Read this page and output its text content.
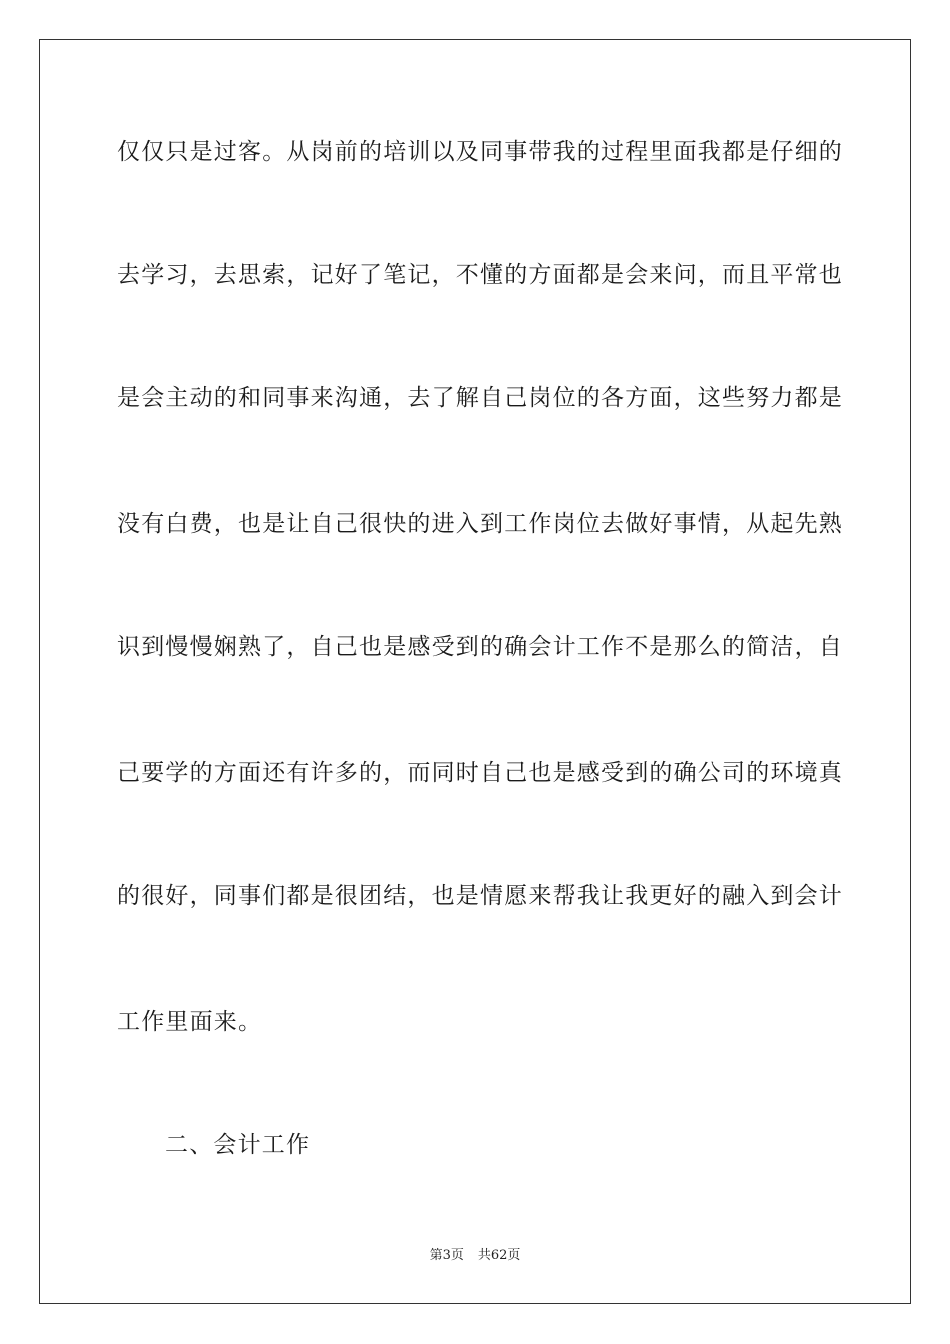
仅仅只是过客。从岗前的培训以及同事带我的过程里面我都是仔细的
去学习，去思索，记好了笔记，不懂的方面都是会来问，而且平常也
是会主动的和同事来沟通，去了解自己岗位的各方面，这些努力都是
没有白费，也是让自己很快的进入到工作岗位去做好事情，从起先熟
识到慢慢娴熟了，自己也是感受到的确会计工作不是那么的简洁，自
己要学的方面还有许多的，而同时自己也是感受到的确公司的环境真
的很好，同事们都是很团结，也是情愿来帮我让我更好的融入到会计
工作里面来。
二、会计工作
第3页 共62页
